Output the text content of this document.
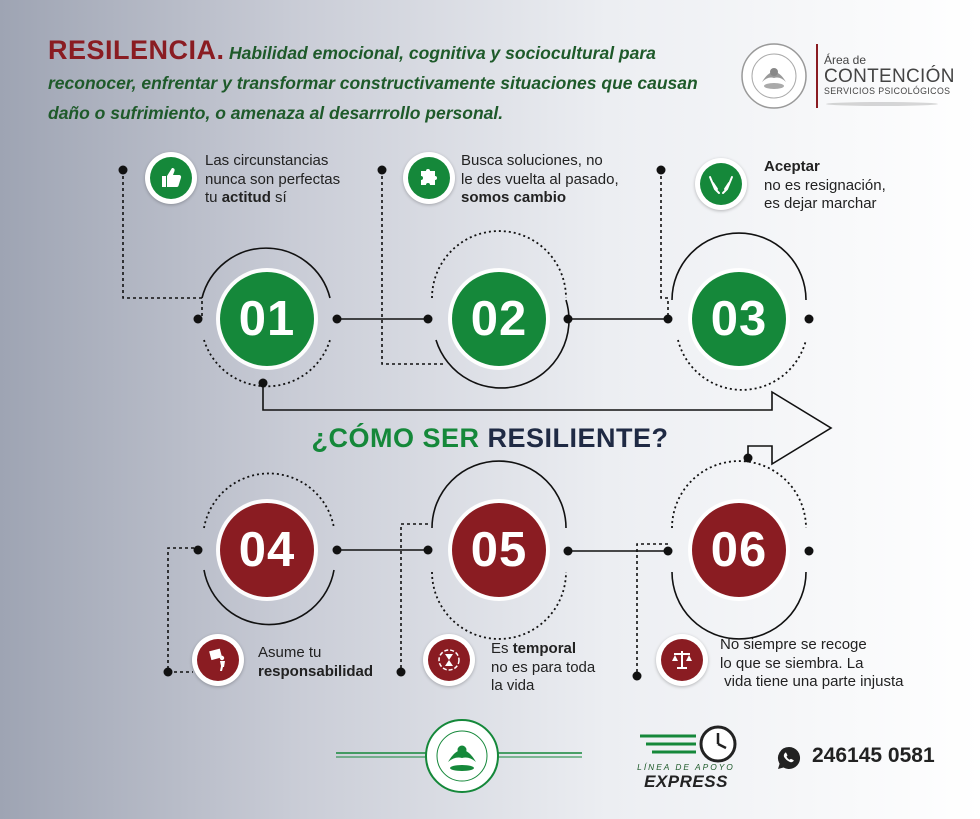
RESILENCIA. Habilidad emocional, cognitiva y sociocultural para reconocer, enfrentar y transformar constructivamente situaciones que causan daño o sufrimiento, o amenaza al desarrrollo personal.
Área de
CONTENCIÓN
SERVICIOS PSICOLÓGICOS
01	02	03
04	05	06
Las circunstancias
nunca son perfectas
tu actitud sí
Busca soluciones, no
le des vuelta al pasado,
somos cambio
Aceptar
no es resignación,
es dejar marchar
¿CÓMO SER RESILIENTE?
Asume tu
responsabilidad
Es temporal
no es para toda
la vida
No siempre se recoge
lo que se siembra. La
vida tiene una parte injusta
LÍNEA DE APOYO
EXPRESS
246145 0581
